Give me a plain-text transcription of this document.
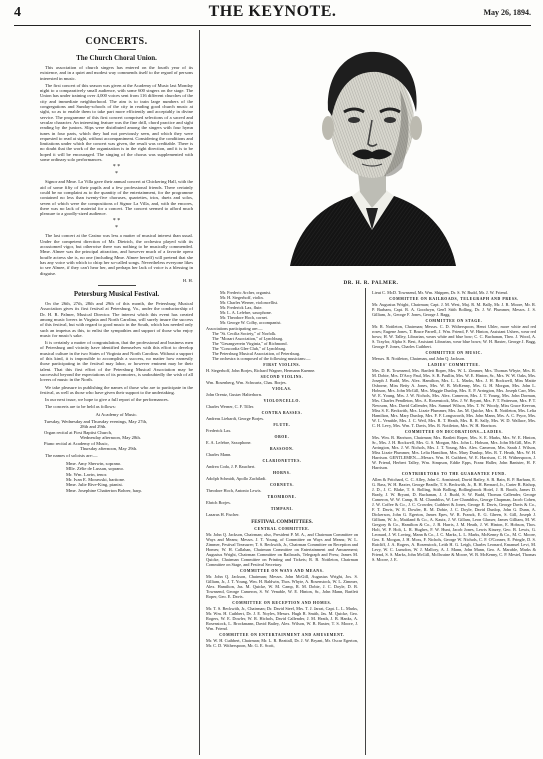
4	THE KEYNOTE.	May 26, 1894.
CONCERTS.
The Church Choral Union.

This association of church singers has entered on the fourth year of its existence, and in a quiet and modest way commends itself to the regard of persons interested in music.

The first concert of this season was given at the Academy of Music last Monday night to a comparatively small audience, with some 600 singers on the stage. The Union has under training over 4,000 voices sent from 116 different churches of the city and immediate neighborhood. The aim is to train large numbers of the congregations and Sunday-schools of the city in reading good church music at sight, so as to enable them to take part more efficiently and acceptably in divine service. The programme of this first concert comprised selections of a sacred and secular character. An interesting feature was the fine drill, chord practice and sight reading by the juniors. Slips were distributed among the singers with four hymn tunes in four parts, which they had not previously seen, and which they were requested to read at sight, without accompaniment. Considering the conditions and limitations under which the concert was given, the result was creditable. There is no doubt that the work of the organization is in the right direction, and it is to be hoped it will be encouraged. The singing of the chorus was supplemented with some ordinary solo performances.

* *
*

Signor and Mme. La Villa gave their annual concert at Chickering Hall, with the aid of some fifty of their pupils and a few professional friends. There certainly could be no complaint as to the quantity of the entertainment, for the programme contained no less than twenty-five choruses, quartettes, trios, duets and solos, seven of which were the compositions of Signor La Villa, and, with the encores, there was no lack of material for a concert. The concert seemed to afford much pleasure to a goodly-sized audience.

* *
*

The last concert at the Casino was less a matter of musical interest than usual. Under the competent direction of Mr. Dietrich, the orchestra played with its accustomed vigor, but otherwise there was nothing to be musically commended. Mme. Almee was the principal attraction, and however much of a favorite opera bouffe actress she is, no one (including Mme. Almee herself) will pretend that she has any voice with which to chirp her so-called songs. Nevertheless everyone likes to see Almee, if they can't hear her, and perhaps her lack of voice is a blessing in disguise.

H. H.

Petersburg Musical Festival.

On the 26th, 27th, 28th and 29th of this month, the Petersburg Musical Association gives its first festival at Petersburg, Va., under the conductorship of Dr. H. R. Palmer, Musical Director. The interest which this event has created among music lovers in Virginia and North Carolina, will surely insure the success of this festival, but with regard to good music in the South, which has needed only such an impetus as this, to enlist the sympathies and support of those who enjoy music for music's sake.

It is certainly a matter of congratulation, that the professional and business men of Petersburg and vicinity have identified themselves with this effort to develop musical culture in the two States of Virginia and North Carolina. Without a support of this kind, it is impossible to accomplish a success, no matter how earnestly those participating in the festival may labor, or however eminent may be their talent. That this first effort of the Petersburg Musical Association may be successful beyond the expectations of its promoters, is undoubtedly the wish of all lovers of music in the North.

We take pleasure in publishing the names of those who are to participate in the festival, as well as those who have given their support to the undertaking.

In our next issue, we hope to give a full report of the performances.

The concerts are to be held as follows:

At Academy of Music.

Tuesday, Wednesday and Thursday evenings, May 27th,
28th and 29th.
Organ recital at First Baptist Church,
Wednesday afternoon, May 28th.
Piano recital at Academy of Music,
Thursday afternoon, May 29th.

The names of soloists are:—

Mme. Amy Sherwin, soprano.
Mlle. Zélie de Lussan, soprano.
Mr. Wm. Lavin, tenor.
Mr. Ivan E. Morawski, baritone.
Mme. Julie Rive-King, pianist.
Mme. Josephine Chatterton Bohrer, harp.
DR. H. R. PALMER.
Mr. Frederic Archer, organist.
Mr. H. Siegerhoff, violin.
Mr. Charles Werner, violoncellist.
Mr. Frederick Lax, flute.
Mr. L. A. Lefebre, saxophone.
Mr. Theodore Hoch, cornet.
Mr. George W. Colby, accompanist.
Associations participating are:—
The "St. Cecilia Society," of Norfolk.
The "Mozart Association," of Lynchburg.
The "Gesangverein Virginia," of Richmond.
The "Concordia Glee Club," of Lynchburg.
The Petersburg Musical Association, of Petersburg.
The orchestra is composed of the following musicians:—
FIRST VIOLINS.
H. Siegerhoff, John Borjes, Richard Wagner, Hermann Kuenne.
SECOND VIOLINS.
Wm. Rosenberg, Wm. Schwartz, Chas. Borjes.
VIOLAS.
John Orentz, Gustav Halterhorn.
VIOLONCELLO.
Charles Werner, C. F. Tiller.
CONTRA BASSES.
Andreas Liebardt, George Borjes.
FLUTE.
Frederick Lax.
OBOE.
E. A. Lefebre, Saxophone.
BASSOON.
Charles Mann.
CLARIONETTES.
Andrea Coda, J. P. Rauchert.
HORNS.
Adolph Schmidt, Apollo Zachiladi.
CORNETS.
Theodore Hoch, Antonio Lewis.
TROMBONE.
Ehrich Borjes.
TIMPANI.
Lazarus H. Fischer.
FESTIVAL COMMITTEES.
CENTRAL COMMITTEE.

Mr. John Q. Jackson, Chairman; also, President P. M. A., and Chairman Committee on Ways and Means; Messrs. J. T. Young, of Committee on Ways and Means; W. L. Zimmer, Festival Treasurer; T. S. Beckwith, Jr., Chairman Committee on Reception and Homes; W. H. Callahan, Chairman Committee on Entertainment and Amusement; Augustus Wright, Chairman Committee on Railroads, Telegraph and Press; James M. Quicke, Chairman Committee on Printing and Tickets; R. B. Nottleton, Chairman Committee on Stage, and Festival Secretary.

COMMITTEE ON WAYS AND MEANS.

Mr. John Q. Jackson, Chairman; Messrs. John McGill, Augustus Wright, Jos. S. Gilliam, Jr., J. T. Young, Wm. H. Baldwin, Thos. Whyte, A. Rosenstock, W. L. Zimmer, Alex. Hamilton, Jas. M. Quicke, W. M. Camp, R. M. Dobie, J. C. Doyle, D. B. Townsend, George Cameron, S. W. Venable, W. E. Hinton, Sr., John Mann, Bartlett Roper, Geo. E. Davis.

COMMITTEE ON RECEPTION AND HOMES.

Mr. T. S. Beckwith, Jr., Chairman; Dr. David Steel, Mrs. T. J. Jarrat, Capt. L. L. Marks, Mr. Wm. H. Cuthbert, Dr. J. E. Noyles, Messrs. Hugh R. Smith, Jas. M. Quicke, Geo. Rogers, W. E. Dowler, W. R. Hichols, David Callender, J. M. Heath, J. B. Hanks, A. Rosenstock, L. Brockmann, David Bailey, Alex. Wilson, W. B. Baxter, T. S. Moore, J. Wm. Friend.

COMMITTEE ON ENTERTAINMENT AND AMUSEMENT.

Mr. W. H. Cuthbert, Chairman; Mr. L. R. Beattall, Dr. J. W. Bryant, Mr. Oscar Egerton, Mr. C. D. Witherspoon, Mr. G. E. Scott,

Lieut C. McD. Townsend, Mr. Wm. Shippen, Dr. S. W. Budd, Mr. J. W. Friend.

COMMITTEE ON RAILROADS, TELEGRAPH AND PRESS.

Mr. Augustus Wright, Chairman; Capt. J. M. West, Maj. R. M. Bally, Mr. J. R. Moore, Mr. R. P. Barham, Capt. R. A. Goodwyn, Gen'l Stith Bolling, Dr. J. W. Plummer, Messrs. J. S. Gilliam, Jr., George F. Jones, George J. Bagg.

COMMITTEE ON STAGE.

Mr. R. Nottleton, Chairman; Messrs. C. D. Witherspoon, Henri Uhler, more white and red roses; Eugene Jones, T. Bruce Parrell, J. Wm. Friend, F. W. Hinton, Assistant Ushers, wear red bows; H. W. Talley, Librarian, wears white and blue bow; C. C. Buchanan, Theo. J. Wood, A. S. Traylor, Alpha S. Best, Assistant Librarian, wear blue bows; W. H. Baxter, George J. Bagg, George F. Jones, Charles Cuthbert.

COMMITTEE ON MUSIC.

Messrs. R. Nottleton, Chairman, and John Q. Jackson.

LADIES' COMMITTEE.

Mrs. D. B. Townsend, Mrs. Bartlett Roper, Mrs. W. L. Zimmer, Mrs. Thomas Whyte, Mrs. R. M. Dobie, Mrs. D'Arcy Paul, Mrs. S. B. Paullin, Mrs. W. E. Hinton, Sr., Mrs. W. W. Oaks, Mrs. Joseph J. Budd, Mrs. Alex. Hamilton, Mrs. L. L. Marks, Mrs. J. H. Bockwell, Miss Mattie Osborne, Miss Betty A. Jones, Mrs. W. B. McKenny, Mrs. G. H. Morgan, Mrs. John L. Hobson, Mrs. John McGill, Mrs. Maggie Dunlop, Mrs. E. P. Arrington, Mrs. Joseph Carr, Mrs. W. E. Young, Mrs. J. W. Nichols, Mrs. Alex. Cameron, Mrs. J. T. Young, Mrs. John Dorman, Mrs. Charles Pendleton, Mrs. A. Rosenstock, Mrs. J. W. Bryant, Mrs. F. T. Patterson, Mrs. P. T. Newsom, Mrs. David Callender, Mrs. Samuel Wilson, Mrs. T. W. Woody, Miss Grace Keevan, Miss S. E. Beckwith, Mrs. Lizzie Plummer, Mrs. Jas. M. Quicke, Mrs. R. Nottleton, Mrs. Lelia Hamilton, Mrs. Mary Dunlop, Mrs. F. F. Longsworth, Mrs. John Mann, Mrs. A. C. Pryor, Mrs. W. L. Venable, Mrs. J. C. Weil, Mrs. R. T. Heath, Mrs. R. R. Sally, Mrs. W. D. Wallace, Mrs. C. H. Levy, Mrs. Wm. T. Davis, Mrs. R. Nottleton, Mrs. W. H. Harrison.

COMMITTEE ON DECORATIONS—LADIES.

Mrs. Wm. B. Harrison, Chairman; Mrs. Bartlett Roper, Mrs. S. E. Marks, Mrs. W. E. Hinton, Sr., Mrs. J. H. Bockwell, Mrs. G. S. Morgan, Mrs. John L. Hobson, Mrs. John McGill, Mrs. P. Arrington, Mrs. J. W. Nichols, Mrs. J. T. Young, Mrs. Alex. Cameron, Mrs. Sarah J. Wilson, Miss Lizzie Plummer, Mrs. Lelia Hamilton, Mrs. Mary Dunlop, Mrs. R. T. Heath, Mrs. W. H. Harrison. GENTLEMEN.—Messrs. Wm. H. Cuthbert, W. E. Harrison, C. H. Witherspoon, J. W. Friend, Herbert Talley, Wm. Simpson, Eddie Epps, Franz Haller, John Banister, H. F. Harrison.

CONTRIBUTORS TO THE GUARANTEE FUND.

Allen & Pritchard, C. C. Alley, John C. Armistead, David Bailey, S. B. Bain, R. P. Barham, E. G. Bass, W. H. Baxter, George Beadle, T. S. Beckwith, Jr., B. H. Bernard, Jr., Carter R. Bishop, J. D., J. C. Blake, T. S. Bolling, Stith Bolling, Bollingbrook Hotel, J. B. Booth, James D. Brady, J. W. Bryant, D. Buchanan, J. J. Budd, S. W. Budd, Thomas Callender, George Cameron, W. W. Camp, R. M. Chambliss, W. Lee Chambliss, George Chapman, Jacob Cohen, J. W. Coffee & Co., J. C. Crowder, Cuthbert & Jones, George E. Davis, George Davis & Co., F. T. Davis, W. E. Dowler, R. M. Dobie, J. C. Doyle, David Dunlop, John G. Dunn, A. Dickerson, John G. Egerton, James Epes, W. R. Franck, E. G. Gheen, S. Gill, Joseph J. Gilliam, W. Jr., Maitland & Co., A. Kautz, J. W. Gillam, Leon Glasser, James Gilliam, M. W. Gregory & Co., Hamilton & Co., J. B. Harris, J. M. Heath, J. W. Hinton, E. Hobson, Thos. Holt, W. P. Holt, L. R. Hughes, F. W. Hunt, Jacob Jones, Lewis Kinzey, Geo. B. Lewis, G. Leonard, J. W. Loving, Mann & Co., J. C. Marks, L. L. Marks, McKenny & Co., M. C. Moore, Geo. E. Morgan, J. H. Moss, F. Nichols, George W. Nichols, C. F. O'Conner, E. Pringle, D. S. Ratcliff, J. A. Rogers, A. Rosenstock, Leith H. G. Leigh, Charles Leonard, Emanuel Levi, M. Levy, W. C. Lunsdon, W. J. Mallory, A. J. Mann, John Mann, Geo. A. Marable, Marks & Friend, S. S. Marks, John McGill, McIlwaine & Moore, W. B. McKenny, C. P. Mestel, Thomas S. Moore, J. E.
